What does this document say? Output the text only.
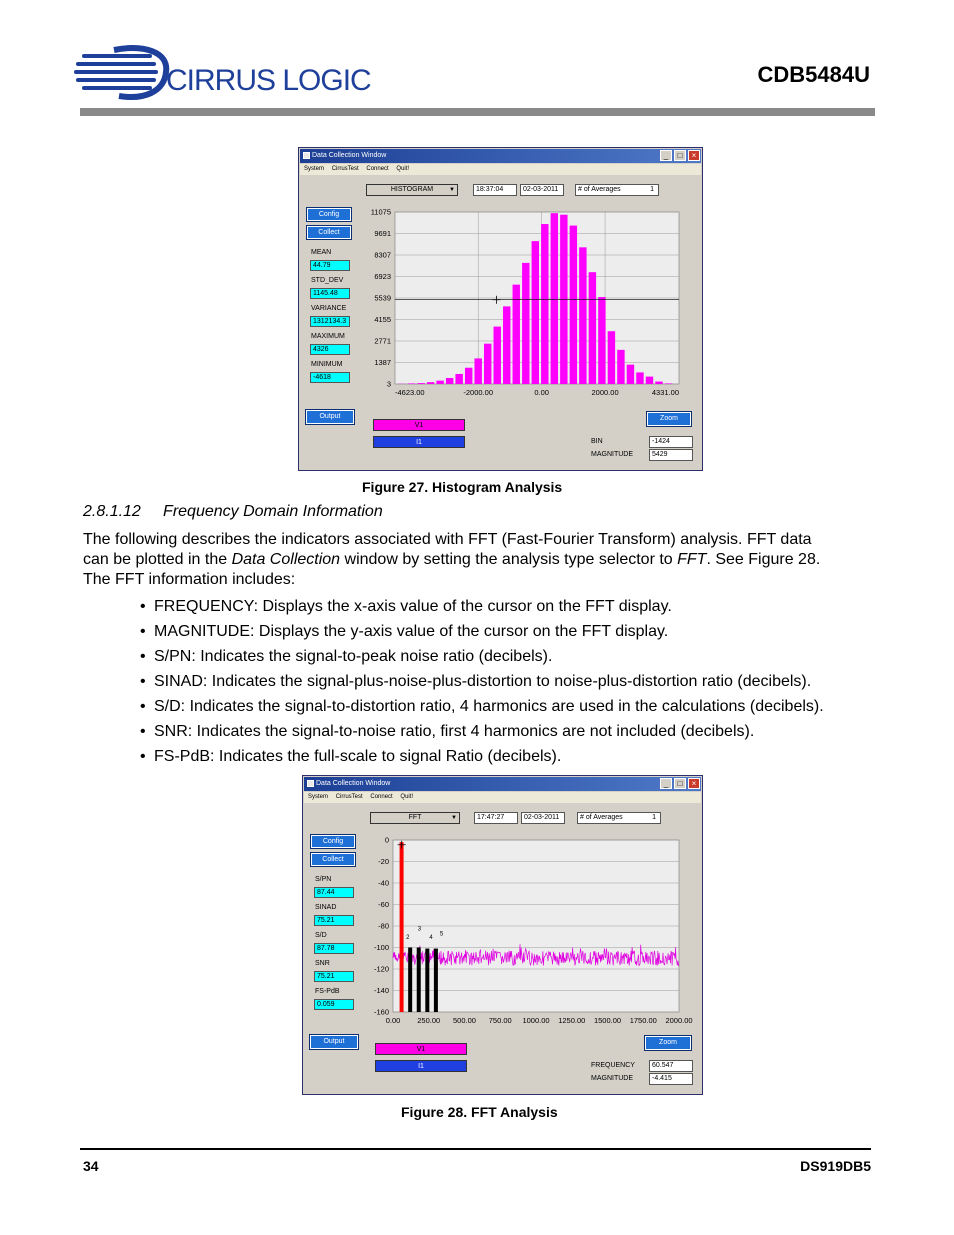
CIRRUS LOGIC	CDB5484U
Data Collection Window	_	□	×
System CirrusTest Connect Quit!
HISTOGRAM	▼	18:37:04	02-03-2011	# of Averages	1
Config
Collect
MEAN
44.79
STD_DEV
1145.48
VARIANCE
1312134.3
MAXIMUM
4326
MINIMUM
-4618
Output
11075
9691
8307
6923
5539
4155
2771
1387
3
-4623.00	-2000.00	0.00	2000.00	4331.00
Zoom
V1
I1	BIN	-1424
MAGNITUDE	5429
Figure 27. Histogram Analysis
2.8.1.12     Frequency Domain Information
The following describes the indicators associated with FFT (Fast-Fourier Transform) analysis. FFT data
can be plotted in the Data Collection window by setting the analysis type selector to FFT. See Figure 28.
The FFT information includes:
• FREQUENCY: Displays the x-axis value of the cursor on the FFT display.
• MAGNITUDE: Displays the y-axis value of the cursor on the FFT display.
• S/PN: Indicates the signal-to-peak noise ratio (decibels).
• SINAD: Indicates the signal-plus-noise-plus-distortion to noise-plus-distortion ratio (decibels).
• S/D: Indicates the signal-to-distortion ratio, 4 harmonics are used in the calculations (decibels).
• SNR: Indicates the signal-to-noise ratio, first 4 harmonics are not included (decibels).
• FS-PdB: Indicates the full-scale to signal Ratio (decibels).
Data Collection Window	_	□	×
System CirrusTest Connect Quit!
FFT	▼	17:47:27	02-03-2011	# of Averages	1
Config
Collect
S/PN
87.44
SINAD
75.21
S/D
87.78
SNR
75.21
FS-PdB
0.059
Output
0
-20
-40
-60
-80
-100
-120
-140
-160
0.00 250.00 500.00 750.00 1000.00 1250.00 1500.00 1750.00 2000.00
2
3
4
5
Zoom
V1
I1	FREQUENCY	60.547
MAGNITUDE	-4.415
Figure 28. FFT Analysis
34	DS919DB5
